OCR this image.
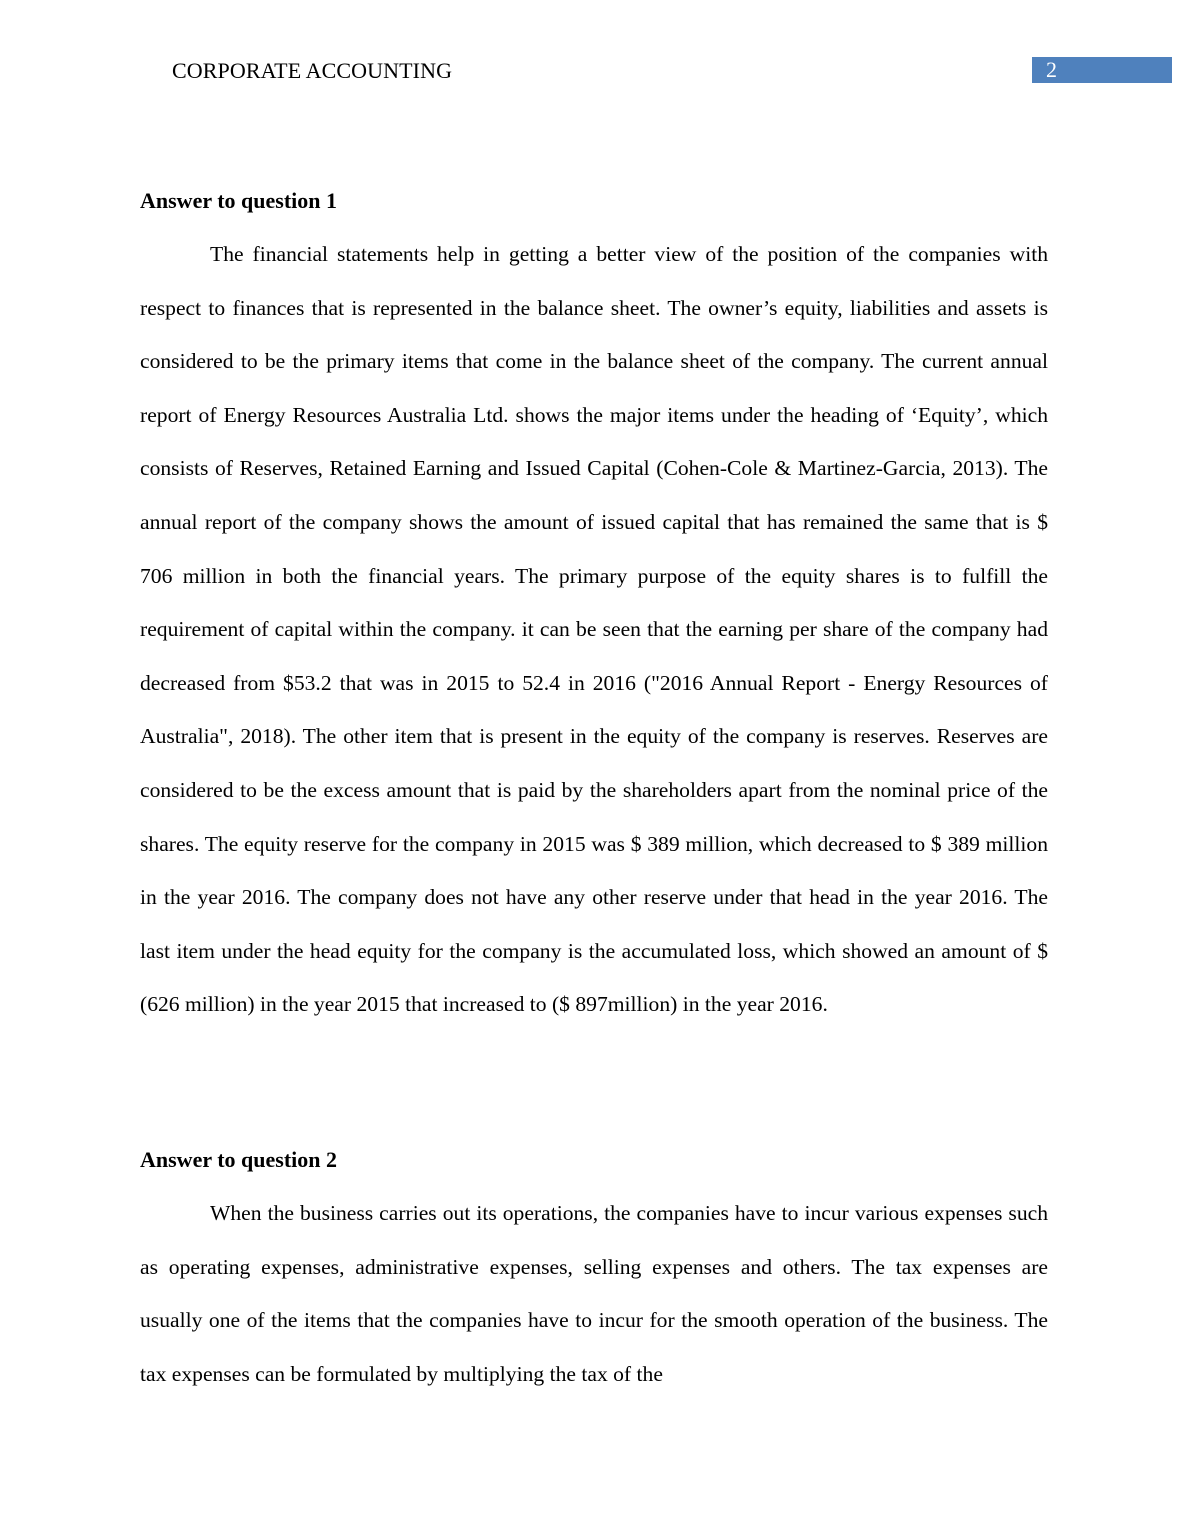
CORPORATE ACCOUNTING	2
Answer to question 1

The financial statements help in getting a better view of the position of the companies with respect to finances that is represented in the balance sheet. The owner’s equity, liabilities and assets is considered to be the primary items that come in the balance sheet of the company. The current annual report of Energy Resources Australia Ltd. shows the major items under the heading of ‘Equity’, which consists of Reserves, Retained Earning and Issued Capital (Cohen-Cole & Martinez-Garcia, 2013). The annual report of the company shows the amount of issued capital that has remained the same that is $ 706 million in both the financial years. The primary purpose of the equity shares is to fulfill the requirement of capital within the company. it can be seen that the earning per share of the company had decreased from $53.2 that was in 2015 to 52.4 in 2016 ("2016 Annual Report - Energy Resources of Australia", 2018). The other item that is present in the equity of the company is reserves. Reserves are considered to be the excess amount that is paid by the shareholders apart from the nominal price of the shares. The equity reserve for the company in 2015 was $ 389 million, which decreased to $ 389 million in the year 2016. The company does not have any other reserve under that head in the year 2016. The last item under the head equity for the company is the accumulated loss, which showed an amount of $ (626 million) in the year 2015 that increased to ($ 897million) in the year 2016.

Answer to question 2

When the business carries out its operations, the companies have to incur various expenses such as operating expenses, administrative expenses, selling expenses and others. The tax expenses are usually one of the items that the companies have to incur for the smooth operation of the business. The tax expenses can be formulated by multiplying the tax of the
